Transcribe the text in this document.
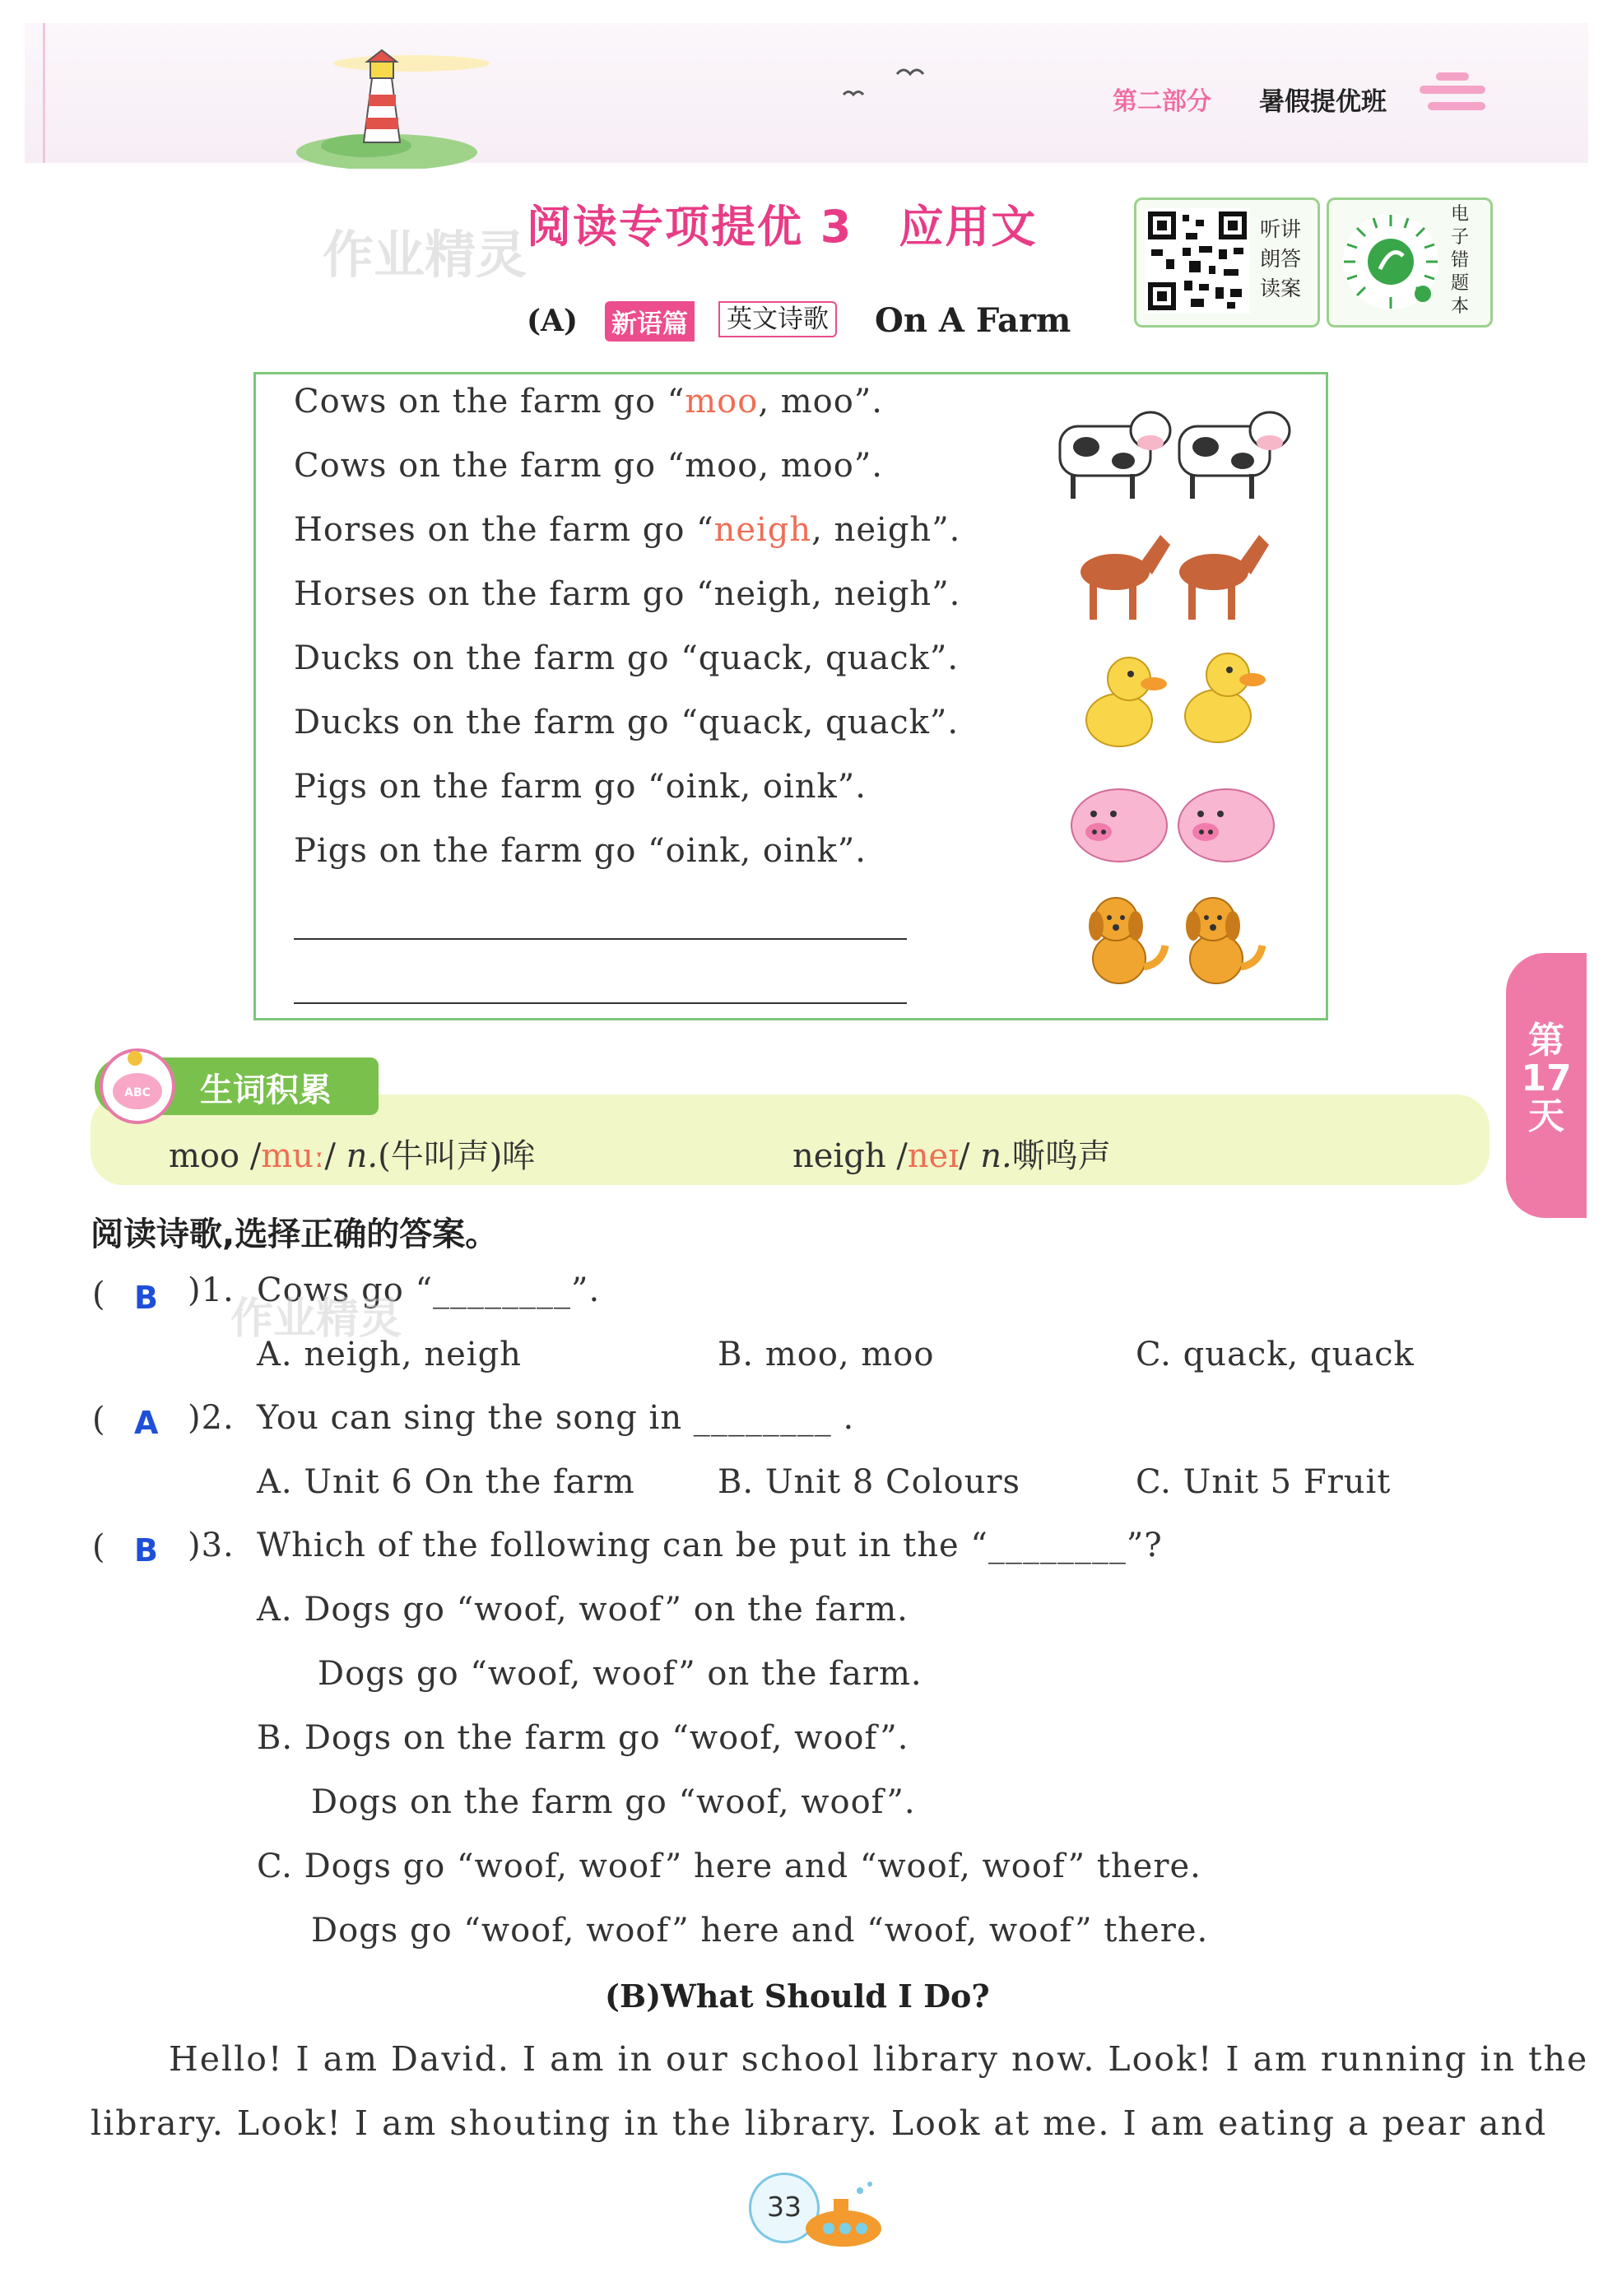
第二部分 暑假提优班
作业精灵 阅读专项提优 3　应用文	听讲
朗答
读案
电
子
错
题
本
(A) 新语篇	英文诗歌 On A Farm
Cows on the farm go “moo, moo”.
Cows on the farm go “moo, moo”.
Horses on the farm go “neigh, neigh”.
Horses on the farm go “neigh, neigh”.
Ducks on the farm go “quack, quack”.
Ducks on the farm go “quack, quack”.
Pigs on the farm go “oink, oink”.
Pigs on the farm go “oink, oink”.
ABC 生词积累
moo /muː/ n.(牛叫声)哞	neigh /neɪ/ n.嘶鸣声
第
17
天
阅读诗歌,选择正确的答案。
( B )1. Cows go “________”.
作业精灵
A. neigh, neigh	B. moo, moo	C. quack, quack
( A )2. You can sing the song in ________ .
A. Unit 6 On the farm	B. Unit 8 Colours	C. Unit 5 Fruit
( B )3. Which of the following can be put in the “________”?
A. Dogs go “woof, woof” on the farm.
Dogs go “woof, woof” on the farm.
B. Dogs on the farm go “woof, woof”.
Dogs on the farm go “woof, woof”.
C. Dogs go “woof, woof” here and “woof, woof” there.
Dogs go “woof, woof” here and “woof, woof” there.
(B)What Should I Do?
Hello! I am David. I am in our school library now. Look! I am running in the
library. Look! I am shouting in the library. Look at me. I am eating a pear and
33
